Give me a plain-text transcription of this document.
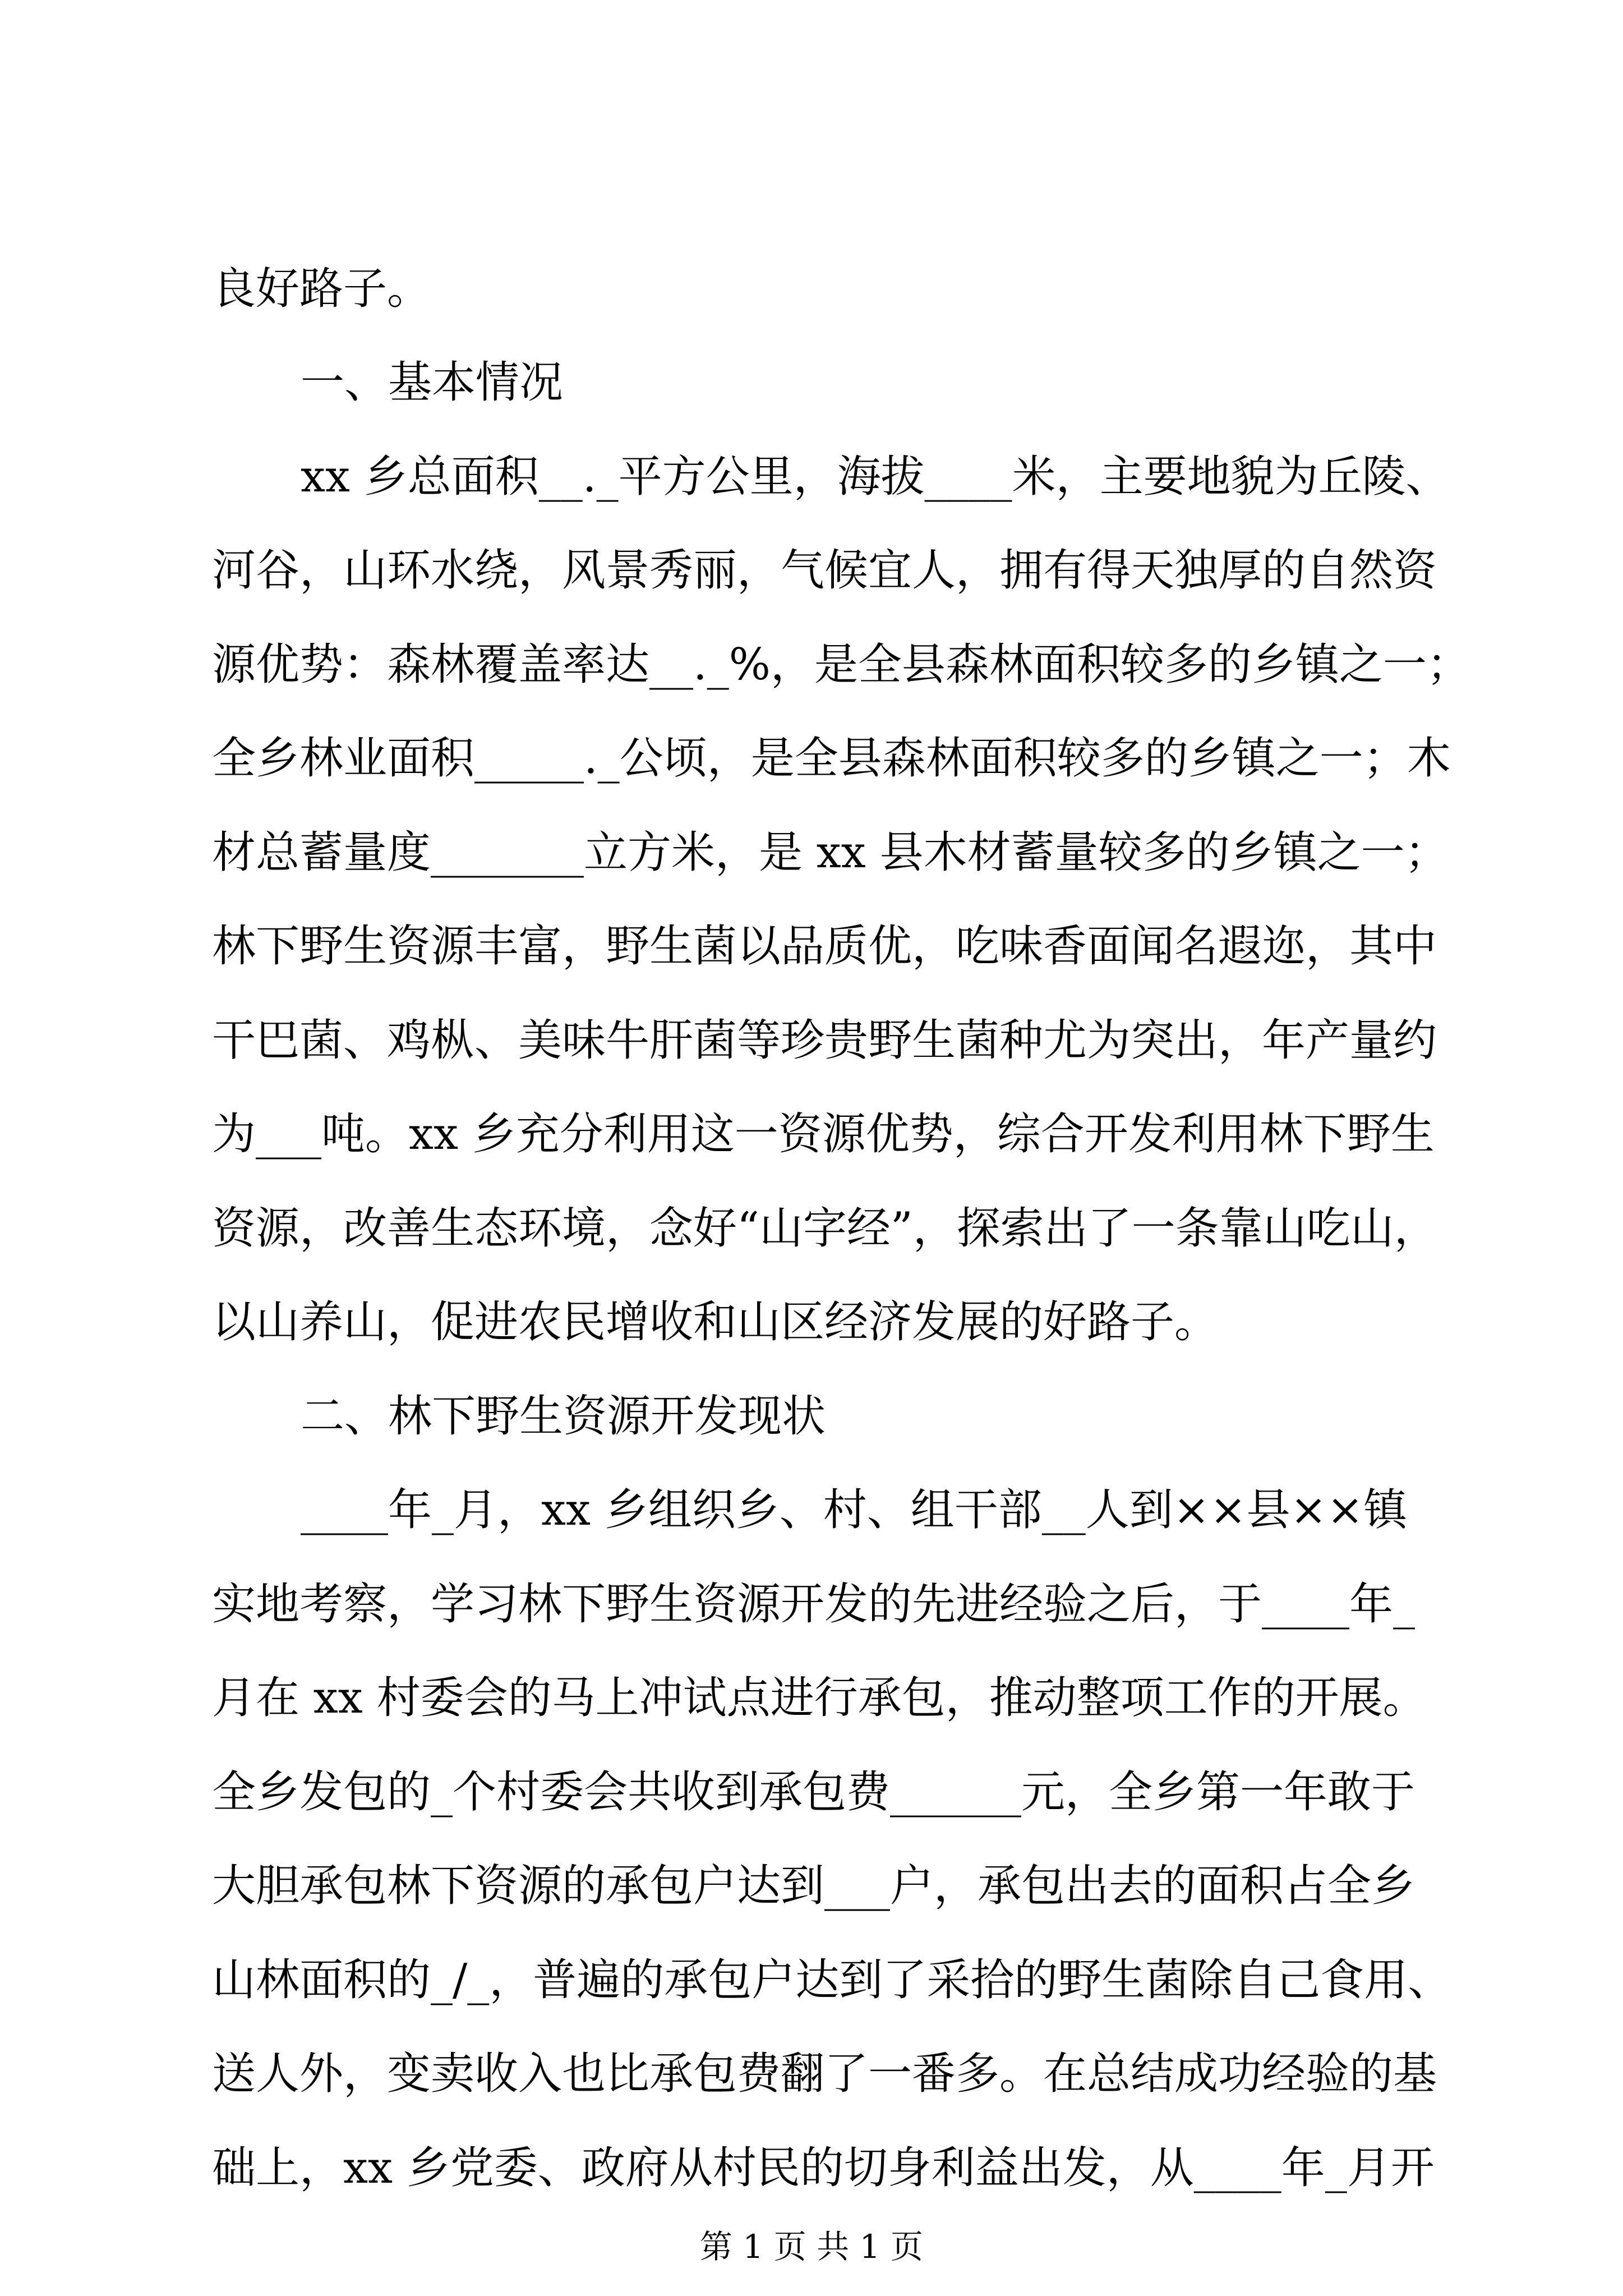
良好路子。
一、基本情况
xx 乡总面积__._平方公里，海拔____米，主要地貌为丘陵、
河谷，山环水绕，风景秀丽，气候宜人，拥有得天独厚的自然资
源优势：森林覆盖率达__._%，是全县森林面积较多的乡镇之一；
全乡林业面积_____._公顷，是全县森林面积较多的乡镇之一；木
材总蓄量度_______立方米，是 xx 县木材蓄量较多的乡镇之一；
林下野生资源丰富，野生菌以品质优，吃味香面闻名遐迩，其中
干巴菌、鸡枞、美味牛肝菌等珍贵野生菌种尤为突出，年产量约
为___吨。xx 乡充分利用这一资源优势，综合开发利用林下野生
资源，改善生态环境，念好“山字经”，探索出了一条靠山吃山，
以山养山，促进农民增收和山区经济发展的好路子。
二、林下野生资源开发现状
____年_月，xx 乡组织乡、村、组干部__人到××县××镇
实地考察，学习林下野生资源开发的先进经验之后，于____年_
月在 xx 村委会的马上冲试点进行承包，推动整项工作的开展。
全乡发包的_个村委会共收到承包费______元，全乡第一年敢于
大胆承包林下资源的承包户达到___户，承包出去的面积占全乡
山林面积的_/_，普遍的承包户达到了采拾的野生菌除自己食用、
送人外，变卖收入也比承包费翻了一番多。在总结成功经验的基
础上，xx 乡党委、政府从村民的切身利益出发，从____年_月开
第 1 页 共 1 页
